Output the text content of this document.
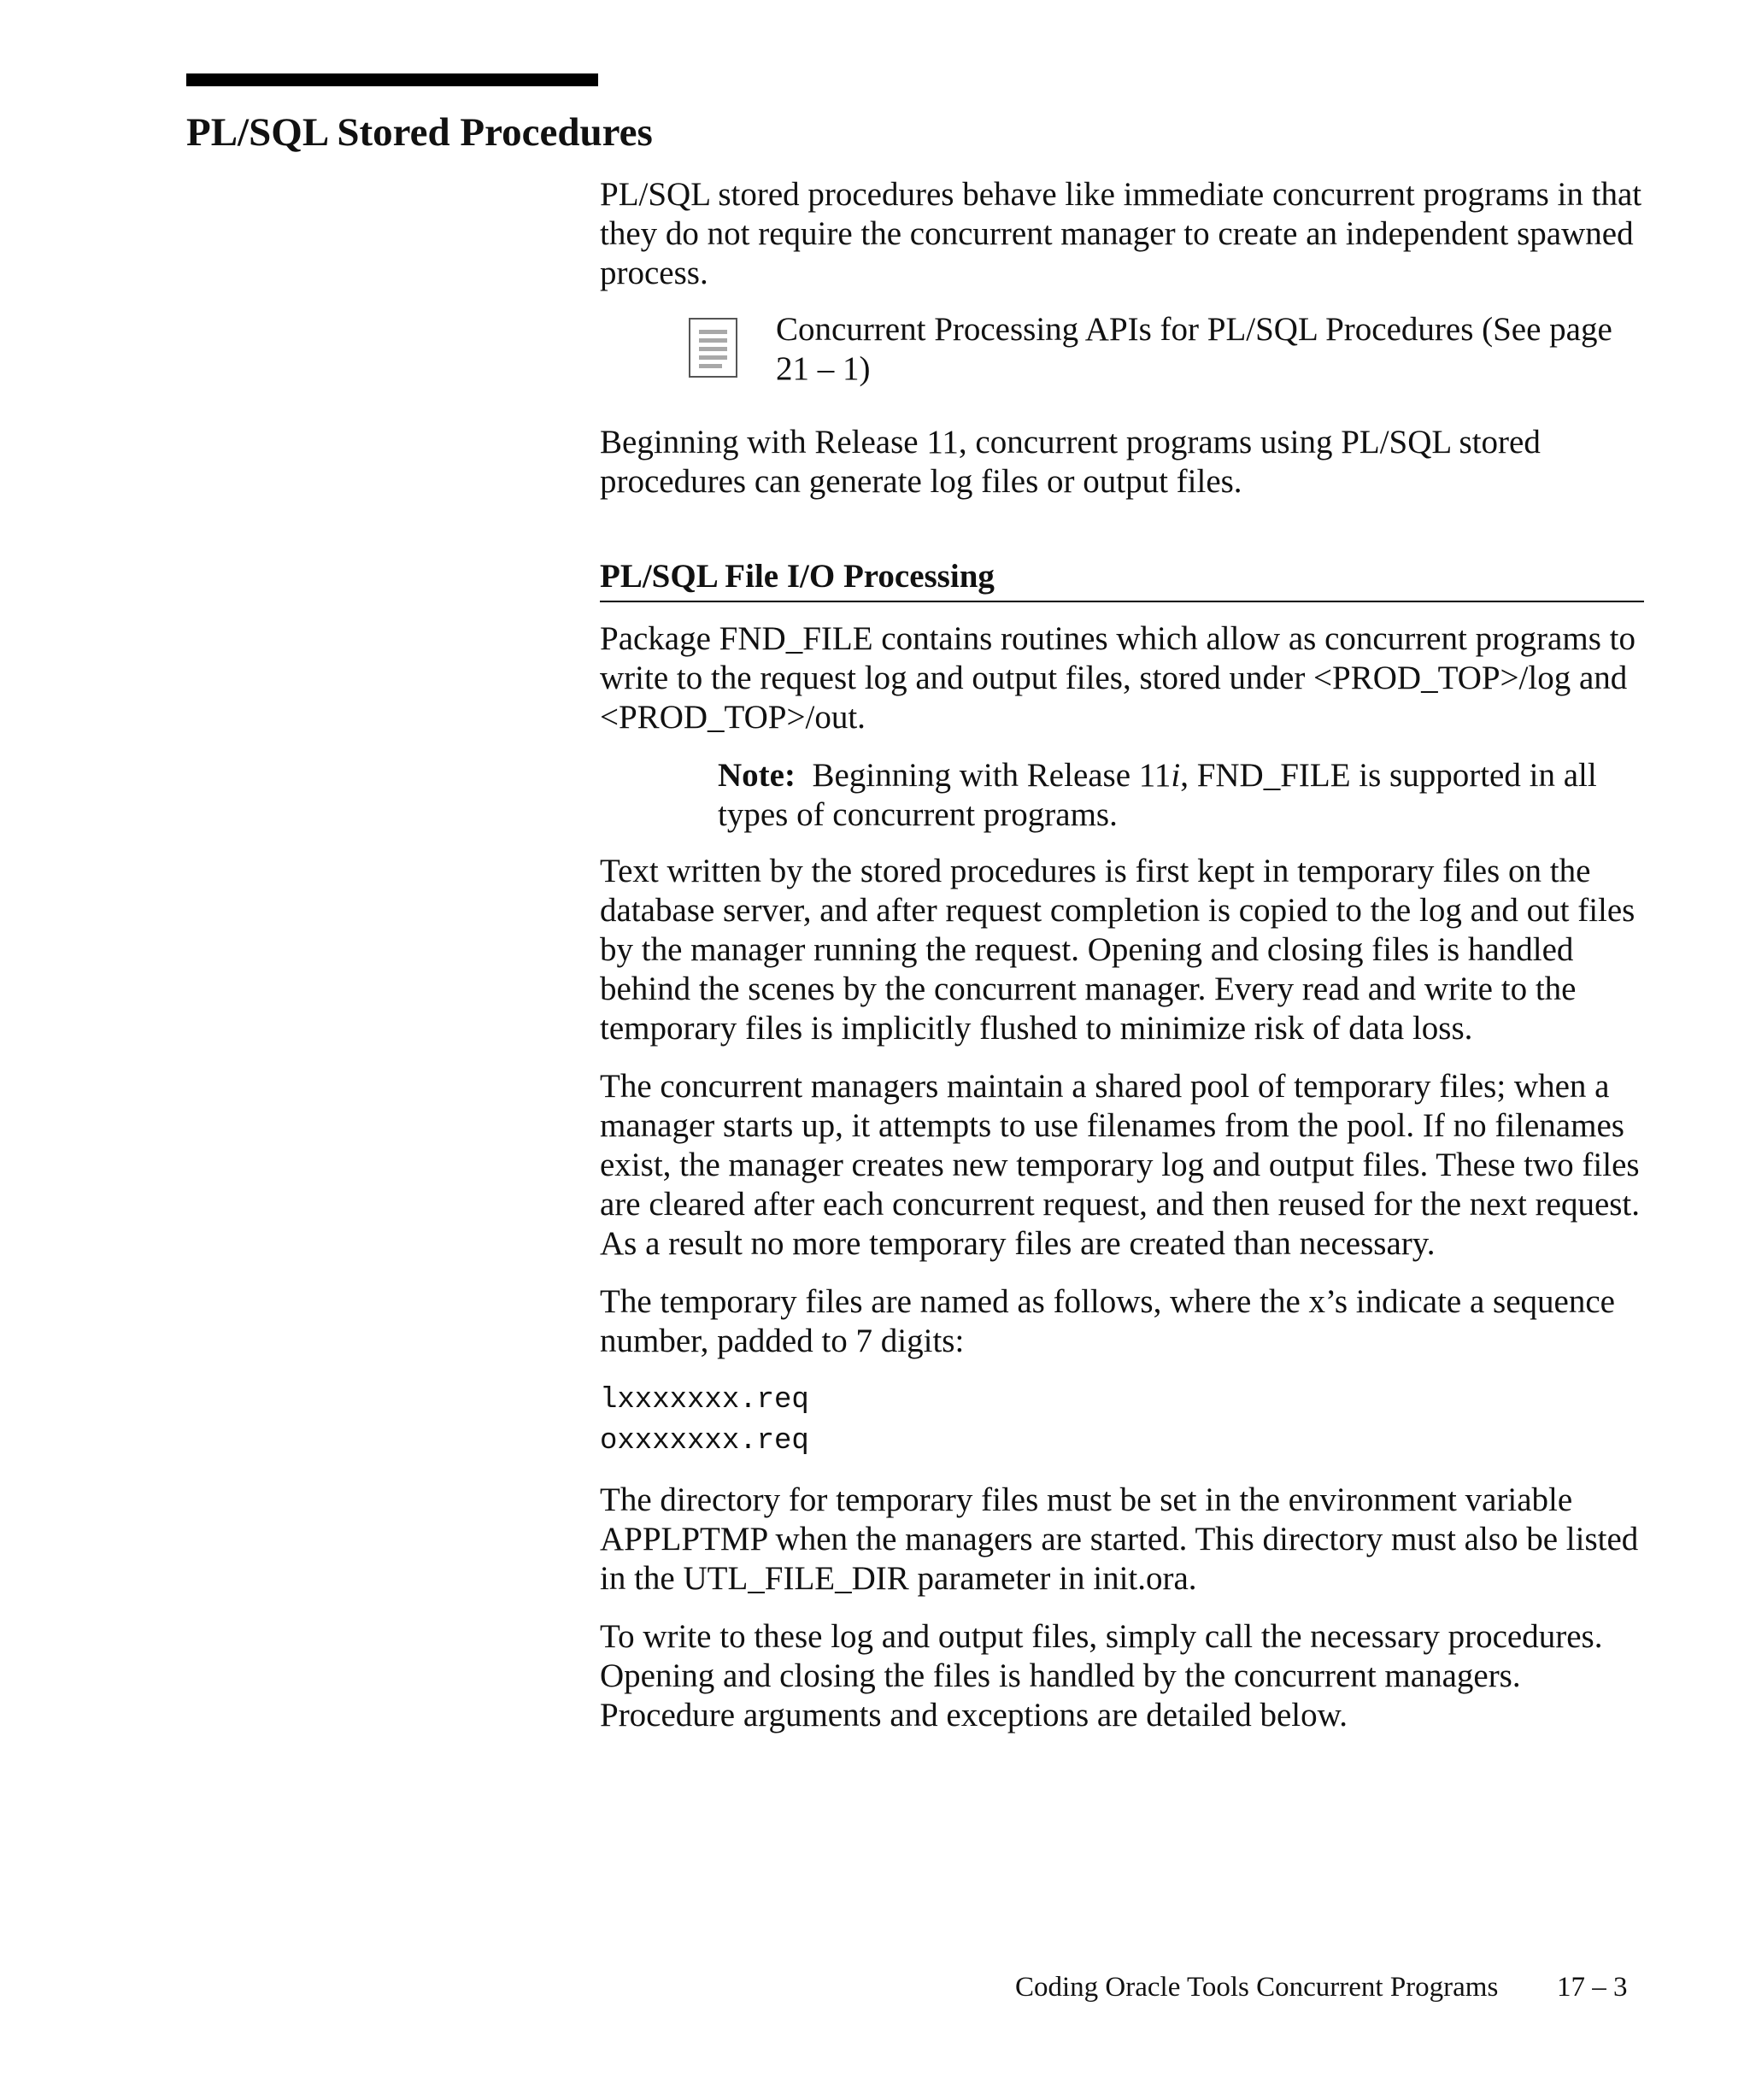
PL/SQL Stored Procedures

PL/SQL stored procedures behave like immediate concurrent programs in that they do not require the concurrent manager to create an independent spawned process.

Concurrent Processing APIs for PL/SQL Procedures (See page 21 – 1)

Beginning with Release 11, concurrent programs using PL/SQL stored procedures can generate log files or output files.

PL/SQL File I/O Processing

Package FND_FILE contains routines which allow as concurrent programs to write to the request log and output files, stored under <PROD_TOP>/log and <PROD_TOP>/out.

Note: Beginning with Release 11i, FND_FILE is supported in all types of concurrent programs.

Text written by the stored procedures is first kept in temporary files on the database server, and after request completion is copied to the log and out files by the manager running the request. Opening and closing files is handled behind the scenes by the concurrent manager. Every read and write to the temporary files is implicitly flushed to minimize risk of data loss.

The concurrent managers maintain a shared pool of temporary files; when a manager starts up, it attempts to use filenames from the pool. If no filenames exist, the manager creates new temporary log and output files. These two files are cleared after each concurrent request, and then reused for the next request. As a result no more temporary files are created than necessary.

The temporary files are named as follows, where the x’s indicate a sequence number, padded to 7 digits:

lxxxxxxx.req
oxxxxxxx.req

The directory for temporary files must be set in the environment variable APPLPTMP when the managers are started. This directory must also be listed in the UTL_FILE_DIR parameter in init.ora.

To write to these log and output files, simply call the necessary procedures. Opening and closing the files is handled by the concurrent managers. Procedure arguments and exceptions are detailed below.

Coding Oracle Tools Concurrent Programs 17 – 3
